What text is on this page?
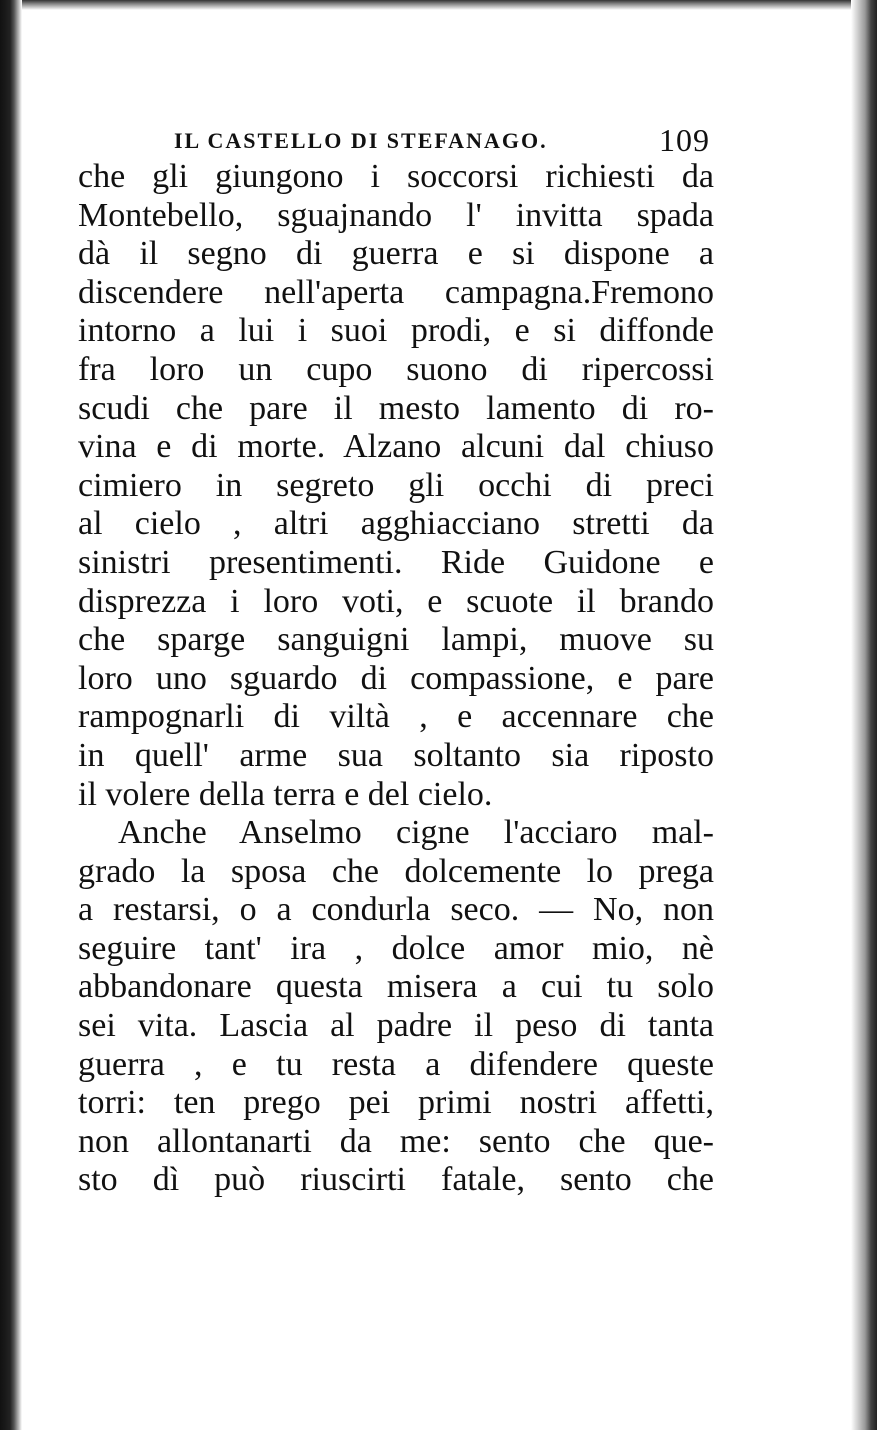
IL CASTELLO DI STEFANAGO.	109
che gli giungono i soccorsi richiesti da
Montebello, sguajnando l' invitta spada
dà il segno di guerra e si dispone a
discendere nell'aperta campagna.Fremono
intorno a lui i suoi prodi, e si diffonde
fra loro un cupo suono di ripercossi
scudi che pare il mesto lamento di ro-
vina e di morte. Alzano alcuni dal chiuso
cimiero in segreto gli occhi di preci
al cielo , altri agghiacciano stretti da
sinistri presentimenti. Ride Guidone e
disprezza i loro voti, e scuote il brando
che sparge sanguigni lampi, muove su
loro uno sguardo di compassione, e pare
rampognarli di viltà , e accennare che
in quell' arme sua soltanto sia riposto
il volere della terra e del cielo.
Anche Anselmo cigne l'acciaro mal-
grado la sposa che dolcemente lo prega
a restarsi, o a condurla seco. — No, non
seguire tant' ira , dolce amor mio, nè
abbandonare questa misera a cui tu solo
sei vita. Lascia al padre il peso di tanta
guerra , e tu resta a difendere queste
torri: ten prego pei primi nostri affetti,
non allontanarti da me: sento che que-
sto dì può riuscirti fatale, sento che
